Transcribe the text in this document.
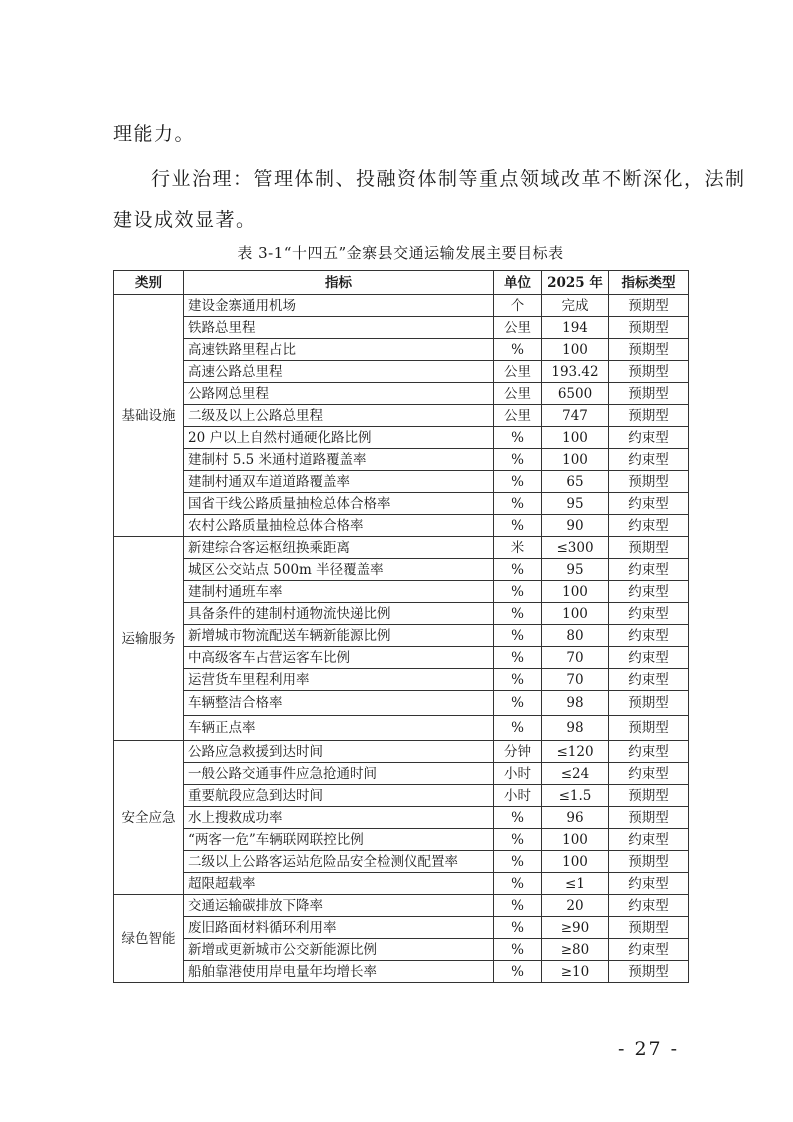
理能力。
行业治理：管理体制、投融资体制等重点领域改革不断深化，法制
建设成效显著。
表 3-1“十四五”金寨县交通运输发展主要目标表
类别	指标	单位	2025 年	指标类型
基础设施	建设金寨通用机场	个	完成	预期型
	铁路总里程	公里	194	预期型
	高速铁路里程占比	%	100	预期型
	高速公路总里程	公里	193.42	预期型
	公路网总里程	公里	6500	预期型
	二级及以上公路总里程	公里	747	预期型
	20 户以上自然村通硬化路比例	%	100	约束型
	建制村 5.5 米通村道路覆盖率	%	100	约束型
	建制村通双车道道路覆盖率	%	65	预期型
	国省干线公路质量抽检总体合格率	%	95	约束型
	农村公路质量抽检总体合格率	%	90	约束型
运输服务	新建综合客运枢纽换乘距离	米	≤300	预期型
	城区公交站点 500m 半径覆盖率	%	95	约束型
	建制村通班车率	%	100	约束型
	具备条件的建制村通物流快递比例	%	100	约束型
	新增城市物流配送车辆新能源比例	%	80	约束型
	中高级客车占营运客车比例	%	70	约束型
	运营货车里程利用率	%	70	约束型
	车辆整洁合格率	%	98	预期型
	车辆正点率	%	98	预期型
安全应急	公路应急救援到达时间	分钟	≤120	约束型
	一般公路交通事件应急抢通时间	小时	≤24	约束型
	重要航段应急到达时间	小时	≤1.5	预期型
	水上搜救成功率	%	96	预期型
	“两客一危”车辆联网联控比例	%	100	约束型
	二级以上公路客运站危险品安全检测仪配置率	%	100	预期型
	超限超载率	%	≤1	约束型
绿色智能	交通运输碳排放下降率	%	20	约束型
	废旧路面材料循环利用率	%	≥90	预期型
	新增或更新城市公交新能源比例	%	≥80	约束型
	船舶靠港使用岸电量年均增长率	%	≥10	预期型
- 27 -
